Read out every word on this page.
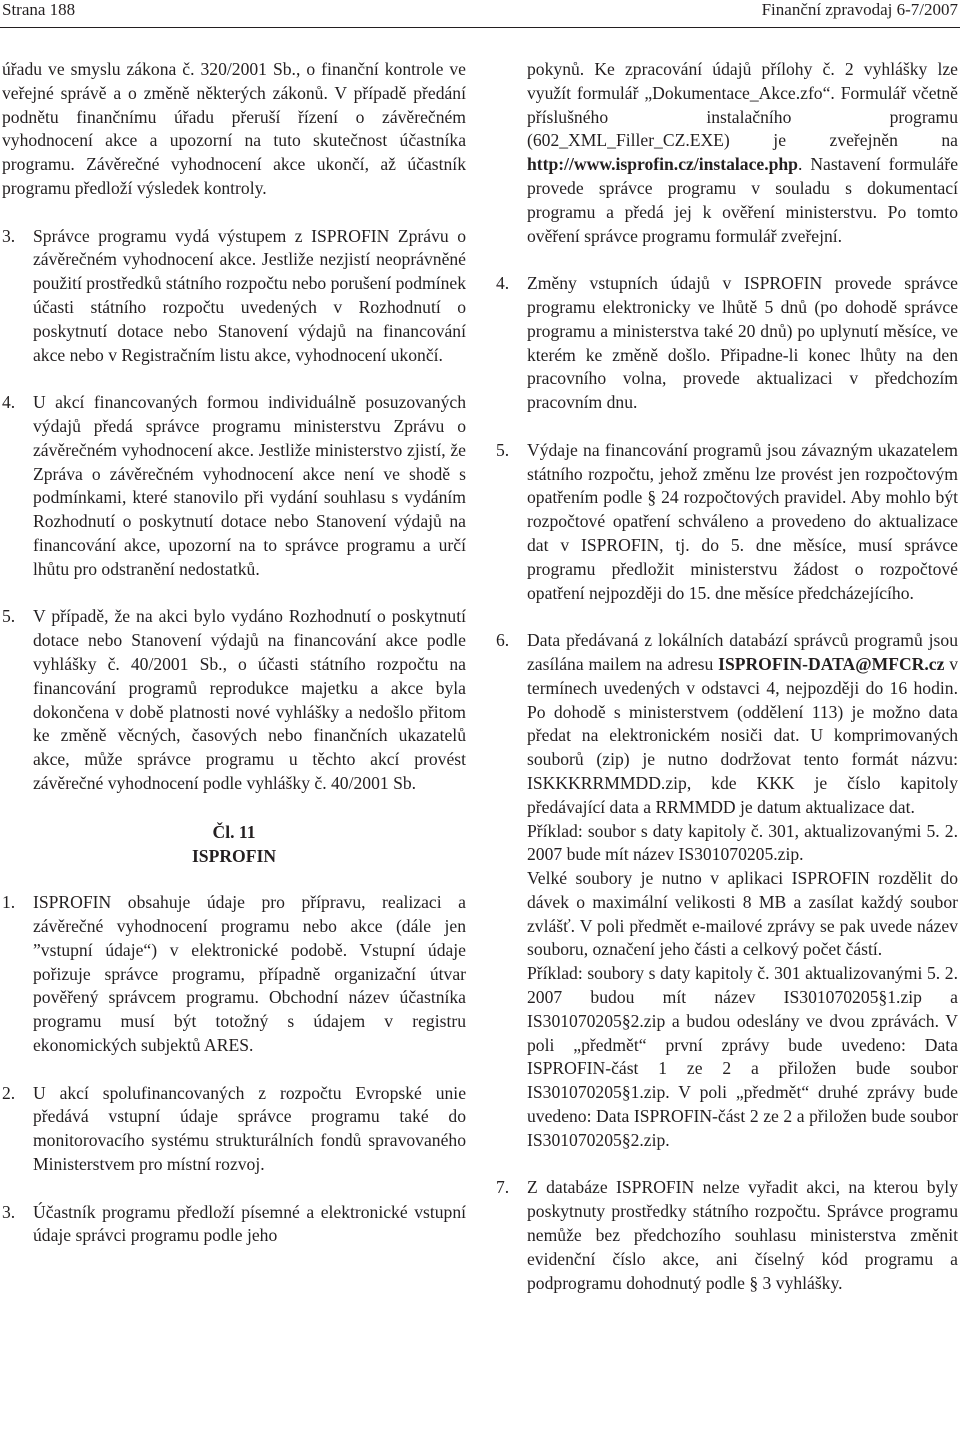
Strana 188	Finanční zpravodaj 6-7/2007

úřadu ve smyslu zákona č. 320/2001 Sb., o finanční kontrole ve veřejné správě a o změně některých zákonů. V případě předání podnětu finančnímu úřadu přeruší řízení o závěrečném vyhodnocení akce a upozorní na tuto skutečnost účastníka programu. Závěrečné vyhodnocení akce ukončí, až účastník programu předloží výsledek kontroly.

3. Správce programu vydá výstupem z ISPROFIN Zprávu o závěrečném vyhodnocení akce. Jestliže nezjistí neoprávněné použití prostředků státního rozpočtu nebo porušení podmínek účasti státního rozpočtu uvedených v Rozhodnutí o poskytnutí dotace nebo Stanovení výdajů na financování akce nebo v Registračním listu akce, vyhodnocení ukončí.

4. U akcí financovaných formou individuálně posuzovaných výdajů předá správce programu ministerstvu Zprávu o závěrečném vyhodnocení akce. Jestliže ministerstvo zjistí, že Zpráva o závěrečném vyhodnocení akce není ve shodě s podmínkami, které stanovilo při vydání souhlasu s vydáním Rozhodnutí o poskytnutí dotace nebo Stanovení výdajů na financování akce, upozorní na to správce programu a určí lhůtu pro odstranění nedostatků.

5. V případě, že na akci bylo vydáno Rozhodnutí o poskytnutí dotace nebo Stanovení výdajů na financování akce podle vyhlášky č. 40/2001 Sb., o účasti státního rozpočtu na financování programů reprodukce majetku a akce byla dokončena v době platnosti nové vyhlášky a nedošlo přitom ke změně věcných, časových nebo finančních ukazatelů akce, může správce programu u těchto akcí provést závěrečné vyhodnocení podle vyhlášky č. 40/2001 Sb.

Čl. 11
ISPROFIN
1. ISPROFIN obsahuje údaje pro přípravu, realizaci a závěrečné vyhodnocení programu nebo akce (dále jen ”vstupní údaje“) v elektronické podobě. Vstupní údaje pořizuje správce programu, případně organizační útvar pověřený správcem programu. Obchodní název účastníka programu musí být totožný s údajem v registru ekonomických subjektů ARES.

2. U akcí spolufinancovaných z rozpočtu Evropské unie předává vstupní údaje správce programu také do monitorovacího systému strukturálních fondů spravovaného Ministerstvem pro místní rozvoj.

3. Účastník programu předloží písemné a elektronické vstupní údaje správci programu podle jeho

pokynů. Ke zpracování údajů přílohy č. 2 vyhlášky lze využít formulář „Dokumentace_Akce.zfo“. Formulář včetně příslušného instalačního programu (602_XML_Filler_CZ.EXE) je zveřejněn na http://www.isprofin.cz/instalace.php. Nastavení formuláře provede správce programu v souladu s dokumentací programu a předá jej k ověření ministerstvu. Po tomto ověření správce programu formulář zveřejní.

4. Změny vstupních údajů v ISPROFIN provede správce programu elektronicky ve lhůtě 5 dnů (po dohodě správce programu a ministerstva také 20 dnů) po uplynutí měsíce, ve kterém ke změně došlo. Připadne-li konec lhůty na den pracovního volna, provede aktualizaci v předchozím pracovním dnu.

5. Výdaje na financování programů jsou závazným ukazatelem státního rozpočtu, jehož změnu lze provést jen rozpočtovým opatřením podle § 24 rozpočtových pravidel. Aby mohlo být rozpočtové opatření schváleno a provedeno do aktualizace dat v ISPROFIN, tj. do 5. dne měsíce, musí správce programu předložit ministerstvu žádost o rozpočtové opatření nejpozději do 15. dne měsíce předcházejícího.

6. Data předávaná z lokálních databází správců programů jsou zasílána mailem na adresu ISPROFIN-DATA@MFCR.cz v termínech uvedených v odstavci 4, nejpozději do 16 hodin. Po dohodě s ministerstvem (oddělení 113) je možno data předat na elektronickém nosiči dat. U komprimovaných souborů (zip) je nutno dodržovat tento formát názvu: ISKKKRRMMDD.zip, kde KKK je číslo kapitoly předávající data a RRMMDD je datum aktualizace dat.

Příklad: soubor s daty kapitoly č. 301, aktualizovanými 5. 2. 2007 bude mít název IS301070205.zip.

Velké soubory je nutno v aplikaci ISPROFIN rozdělit do dávek o maximální velikosti 8 MB a zasílat každý soubor zvlášť. V poli předmět e-mailové zprávy se pak uvede název souboru, označení jeho části a celkový počet částí.

Příklad: soubory s daty kapitoly č. 301 aktualizovanými 5. 2. 2007 budou mít název IS301070205§1.zip a IS301070205§2.zip a budou odeslány ve dvou zprávách. V poli „předmět“ první zprávy bude uvedeno: Data ISPROFIN-část 1 ze 2 a přiložen bude soubor IS301070205§1.zip. V poli „předmět“ druhé zprávy bude uvedeno: Data ISPROFIN-část 2 ze 2 a přiložen bude soubor IS301070205§2.zip.

7. Z databáze ISPROFIN nelze vyřadit akci, na kterou byly poskytnuty prostředky státního rozpočtu. Správce programu nemůže bez předchozího souhlasu ministerstva změnit evidenční číslo akce, ani číselný kód programu a podprogramu dohodnutý podle § 3 vyhlášky.
